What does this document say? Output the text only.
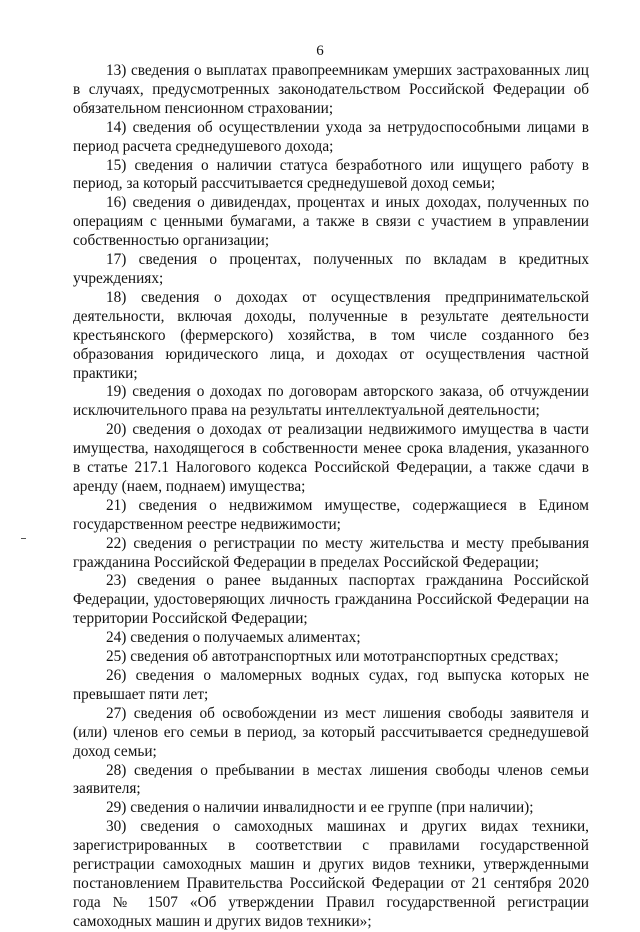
6

13) сведения о выплатах правопреемникам умерших застрахованных лиц в случаях, предусмотренных законодательством Российской Федерации об обязательном пенсионном страховании;

14) сведения об осуществлении ухода за нетрудоспособными лицами в период расчета среднедушевого дохода;

15) сведения о наличии статуса безработного или ищущего работу в период, за который рассчитывается среднедушевой доход семьи;

16) сведения о дивидендах, процентах и иных доходах, полученных по операциям с ценными бумагами, а также в связи с участием в управлении собственностью организации;

17) сведения о процентах, полученных по вкладам в кредитных учреждениях;

18) сведения о доходах от осуществления предпринимательской деятельности, включая доходы, полученные в результате деятельности крестьянского (фермерского) хозяйства, в том числе созданного без образования юридического лица, и доходах от осуществления частной практики;

19) сведения о доходах по договорам авторского заказа, об отчуждении исключительного права на результаты интеллектуальной деятельности;

20) сведения о доходах от реализации недвижимого имущества в части имущества, находящегося в собственности менее срока владения, указанного в статье 217.1 Налогового кодекса Российской Федерации, а также сдачи в аренду (наем, поднаем) имущества;

21) сведения о недвижимом имуществе, содержащиеся в Едином государственном реестре недвижимости;

22) сведения о регистрации по месту жительства и месту пребывания гражданина Российской Федерации в пределах Российской Федерации;

23) сведения о ранее выданных паспортах гражданина Российской Федерации, удостоверяющих личность гражданина Российской Федерации на территории Российской Федерации;

24) сведения о получаемых алиментах;

25) сведения об автотранспортных или мототранспортных средствах;

26) сведения о маломерных водных судах, год выпуска которых не превышает пяти лет;

27) сведения об освобождении из мест лишения свободы заявителя и (или) членов его семьи в период, за который рассчитывается среднедушевой доход семьи;

28) сведения о пребывании в местах лишения свободы членов семьи заявителя;

29) сведения о наличии инвалидности и ее группе (при наличии);

30) сведения о самоходных машинах и других видах техники, зарегистрированных в соответствии с правилами государственной регистрации самоходных машин и других видов техники, утвержденными постановлением Правительства Российской Федерации от 21 сентября 2020 года № 1507 «Об утверждении Правил государственной регистрации самоходных машин и других видов техники»;
